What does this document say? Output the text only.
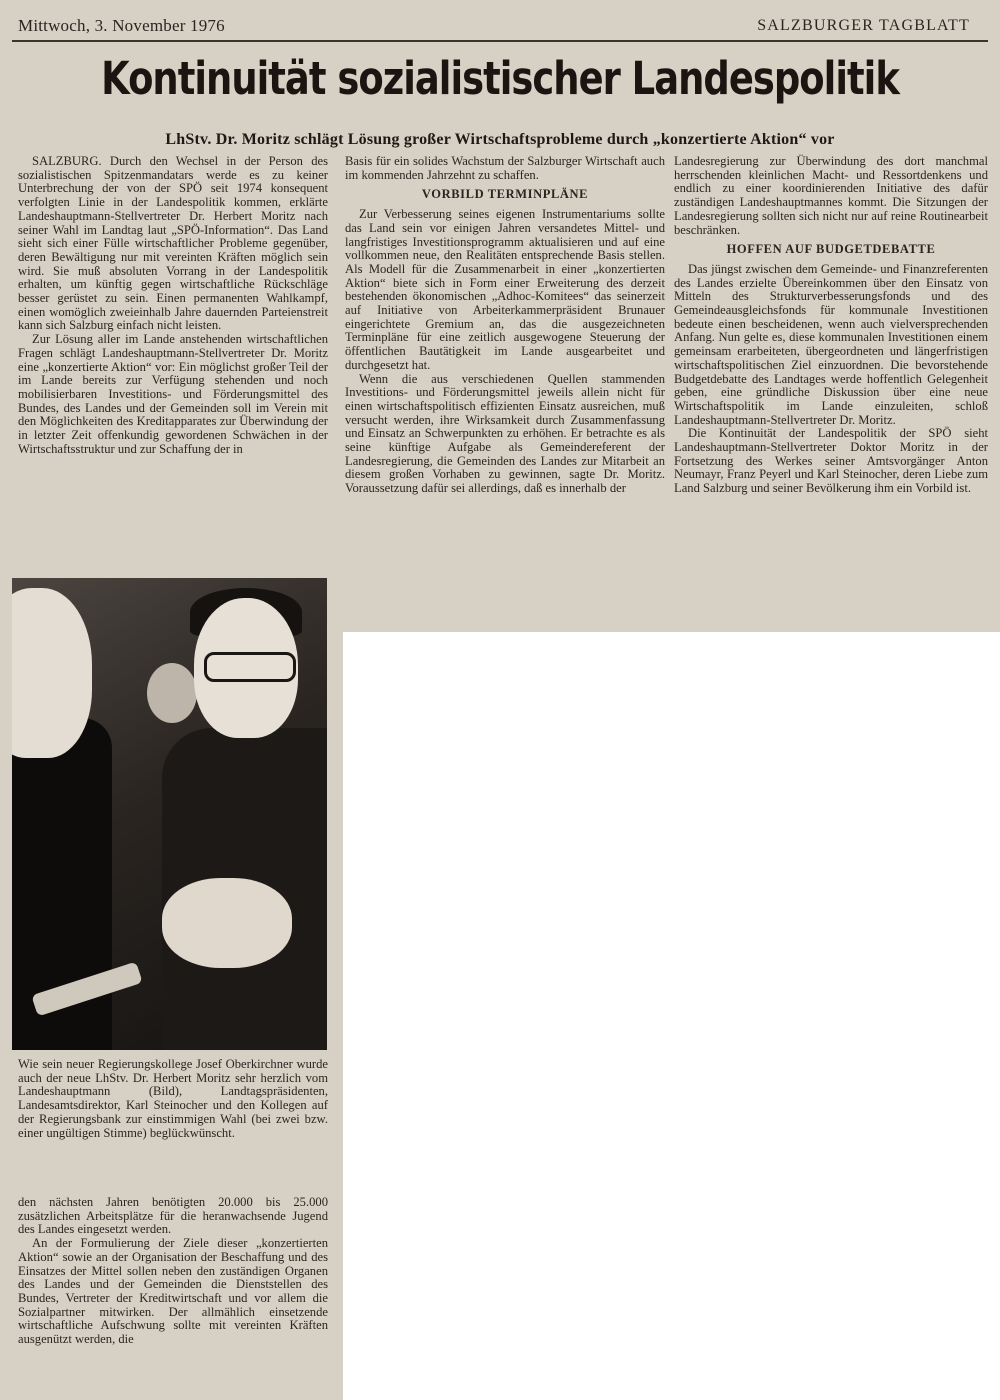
Mittwoch, 3. November 1976	SALZBURGER TAGBLATT
Kontinuität sozialistischer Landespolitik
LhStv. Dr. Moritz schlägt Lösung großer Wirtschaftsprobleme durch „konzertierte Aktion“ vor

SALZBURG. Durch den Wechsel in der Person des sozialistischen Spitzenmandatars werde es zu keiner Unterbrechung der von der SPÖ seit 1974 konsequent verfolgten Linie in der Landespolitik kommen, erklärte Landeshauptmann-Stellvertreter Dr. Herbert Moritz nach seiner Wahl im Landtag laut „SPÖ-Information“. Das Land sieht sich einer Fülle wirtschaftlicher Probleme gegenüber, deren Bewältigung nur mit vereinten Kräften möglich sein wird. Sie muß absoluten Vorrang in der Landespolitik erhalten, um künftig gegen wirtschaftliche Rückschläge besser gerüstet zu sein. Einen permanenten Wahlkampf, einen womöglich zweieinhalb Jahre dauernden Parteienstreit kann sich Salzburg einfach nicht leisten.

Zur Lösung aller im Lande anstehenden wirtschaftlichen Fragen schlägt Landeshauptmann-Stellvertreter Dr. Moritz eine „konzertierte Aktion“ vor: Ein möglichst großer Teil der im Lande bereits zur Verfügung stehenden und noch mobilisierbaren Investitions- und Förderungsmittel des Bundes, des Landes und der Gemeinden soll im Verein mit den Möglichkeiten des Kreditapparates zur Überwindung der in letzter Zeit offenkundig gewordenen Schwächen in der Wirtschaftsstruktur und zur Schaffung der in

Wie sein neuer Regierungskollege Josef Oberkirchner wurde auch der neue LhStv. Dr. Herbert Moritz sehr herzlich vom Landeshauptmann (Bild), Landtagspräsidenten, Landesamtsdirektor, Karl Steinocher und den Kollegen auf der Regierungsbank zur einstimmigen Wahl (bei zwei bzw. einer ungültigen Stimme) beglückwünscht.

den nächsten Jahren benötigten 20.000 bis 25.000 zusätzlichen Arbeitsplätze für die heranwachsende Jugend des Landes eingesetzt werden.

An der Formulierung der Ziele dieser „konzertierten Aktion“ sowie an der Organisation der Beschaffung und des Einsatzes der Mittel sollen neben den zuständigen Organen des Landes und der Gemeinden die Dienststellen des Bundes, Vertreter der Kreditwirtschaft und vor allem die Sozialpartner mitwirken. Der allmählich einsetzende wirtschaftliche Aufschwung sollte mit vereinten Kräften ausgenützt werden, die

Basis für ein solides Wachstum der Salzburger Wirtschaft auch im kommenden Jahrzehnt zu schaffen.

VORBILD TERMINPLÄNE

Zur Verbesserung seines eigenen Instrumentariums sollte das Land sein vor einigen Jahren versandetes Mittel- und langfristiges Investitionsprogramm aktualisieren und auf eine vollkommen neue, den Realitäten entsprechende Basis stellen. Als Modell für die Zusammenarbeit in einer „konzertierten Aktion“ biete sich in Form einer Erweiterung des derzeit bestehenden ökonomischen „Adhoc-Komitees“ das seinerzeit auf Initiative von Arbeiterkammerpräsident Brunauer eingerichtete Gremium an, das die ausgezeichneten Terminpläne für eine zeitlich ausgewogene Steuerung der öffentlichen Bautätigkeit im Lande ausgearbeitet und durchgesetzt hat.

Wenn die aus verschiedenen Quellen stammenden Investitions- und Förderungsmittel jeweils allein nicht für einen wirtschaftspolitisch effizienten Einsatz ausreichen, muß versucht werden, ihre Wirksamkeit durch Zusammenfassung und Einsatz an Schwerpunkten zu erhöhen. Er betrachte es als seine künftige Aufgabe als Gemeindereferent der Landesregierung, die Gemeinden des Landes zur Mitarbeit an diesem großen Vorhaben zu gewinnen, sagte Dr. Moritz. Voraussetzung dafür sei allerdings, daß es innerhalb der

Landesregierung zur Überwindung des dort manchmal herrschenden kleinlichen Macht- und Ressortdenkens und endlich zu einer koordinierenden Initiative des dafür zuständigen Landeshauptmannes kommt. Die Sitzungen der Landesregierung sollten sich nicht nur auf reine Routinearbeit beschränken.

HOFFEN AUF BUDGETDEBATTE

Das jüngst zwischen dem Gemeinde- und Finanzreferenten des Landes erzielte Übereinkommen über den Einsatz von Mitteln des Strukturverbesserungsfonds und des Gemeindeausgleichsfonds für kommunale Investitionen bedeute einen bescheidenen, wenn auch vielversprechenden Anfang. Nun gelte es, diese kommunalen Investitionen einem gemeinsam erarbeiteten, übergeordneten und längerfristigen wirtschaftspolitischen Ziel einzuordnen. Die bevorstehende Budgetdebatte des Landtages werde hoffentlich Gelegenheit geben, eine gründliche Diskussion über eine neue Wirtschaftspolitik im Lande einzuleiten, schloß Landeshauptmann-Stellvertreter Dr. Moritz.

Die Kontinuität der Landespolitik der SPÖ sieht Landeshauptmann-Stellvertreter Doktor Moritz in der Fortsetzung des Werkes seiner Amtsvorgänger Anton Neumayr, Franz Peyerl und Karl Steinocher, deren Liebe zum Land Salzburg und seiner Bevölkerung ihm ein Vorbild ist.
